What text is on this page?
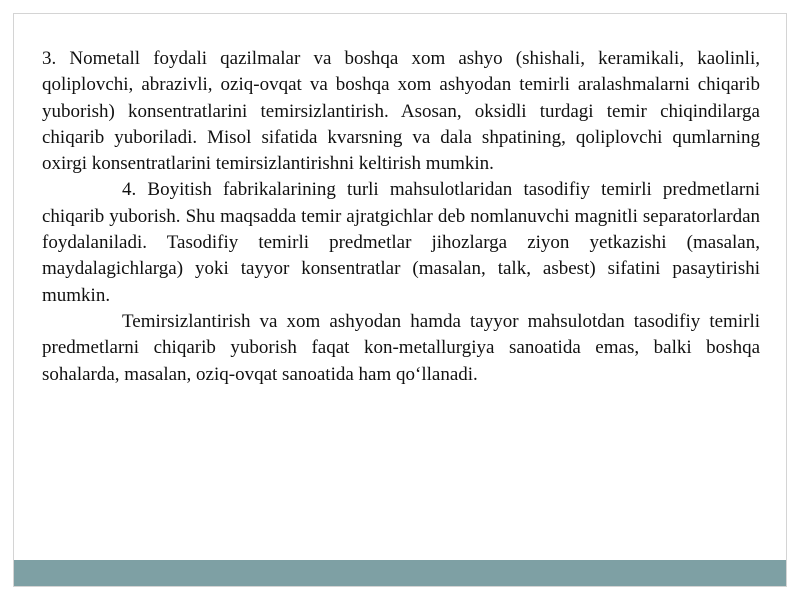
3. Nometall foydali qazilmalar va boshqa xom ashyo (shishali, keramikali, kaolinli, qoliplovchi, abrazivli, oziq-ovqat va boshqa xom ashyodan temirli aralashmalarni chiqarib yuborish) konsentratlarini temirsizlantirish. Asosan, oksidli turdagi temir chiqindilarga chiqarib yuboriladi. Misol sifatida kvarsning va dala shpatining, qoliplovchi qumlarning oxirgi konsentratlarini temirsizlantirishni keltirish mumkin.

4. Boyitish fabrikalarining turli mahsulotlaridan tasodifiy temirli predmetlarni chiqarib yuborish. Shu maqsadda temir ajratgichlar deb nomlanuvchi magnitli separatorlardan foydalaniladi. Tasodifiy temirli predmetlar jihozlarga ziyon yetkazishi (masalan, maydalagichlarga) yoki tayyor konsentratlar (masalan, talk, asbest) sifatini pasaytirishi mumkin.

Temirsizlantirish va xom ashyodan hamda tayyor mahsulotdan tasodifiy temirli predmetlarni chiqarib yuborish faqat kon-metallurgiya sanoatida emas, balki boshqa sohalarda, masalan, oziq-ovqat sanoatida ham qo‘llanadi.
